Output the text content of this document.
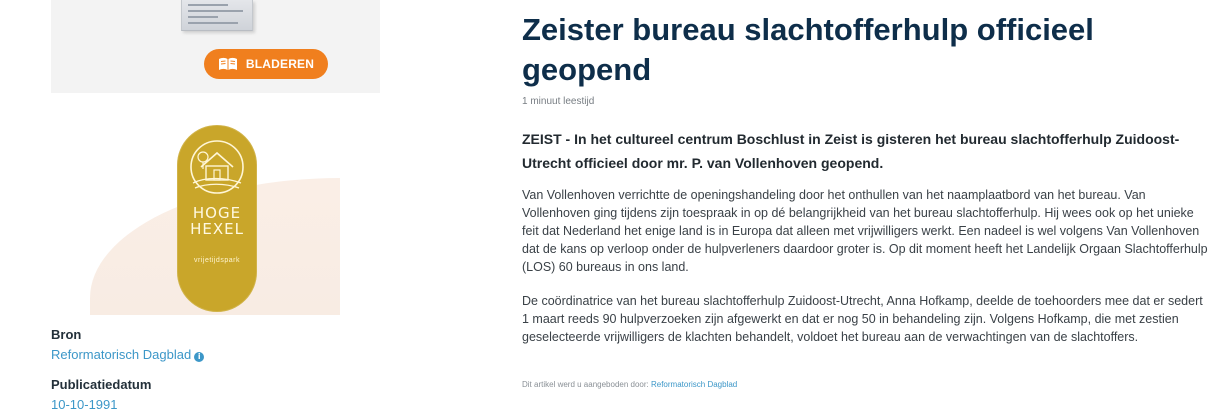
BLADEREN
HOGE
HEXEL
vrijetijdspark
Bron
Reformatorisch Dagblad i
Publicatiedatum
10-10-1991
Zeister bureau slachtofferhulp officieel geopend
1 minuut leestijd

ZEIST - In het cultureel centrum Boschlust in Zeist is gisteren het bureau slachtofferhulp Zuidoost-Utrecht officieel door mr. P. van Vollenhoven geopend.

Van Vollenhoven verrichtte de openingshandeling door het onthullen van het naamplaatbord van het bureau. Van Vollenhoven ging tijdens zijn toespraak in op dé belangrijkheid van het bureau slachtofferhulp. Hij wees ook op het unieke feit dat Nederland het enige land is in Europa dat alleen met vrijwilligers werkt. Een nadeel is wel volgens Van Vollenhoven dat de kans op verloop onder de hulpverleners daardoor groter is. Op dit moment heeft het Landelijk Orgaan Slachtofferhulp (LOS) 60 bureaus in ons land.

De coördinatrice van het bureau slachtofferhulp Zuidoost-Utrecht, Anna Hofkamp, deelde de toehoorders mee dat er sedert 1 maart reeds 90 hulpverzoeken zijn afgewerkt en dat er nog 50 in behandeling zijn. Volgens Hofkamp, die met zestien geselecteerde vrijwilligers de klachten behandelt, voldoet het bureau aan de verwachtingen van de slachtoffers.

Dit artikel werd u aangeboden door: Reformatorisch Dagblad
